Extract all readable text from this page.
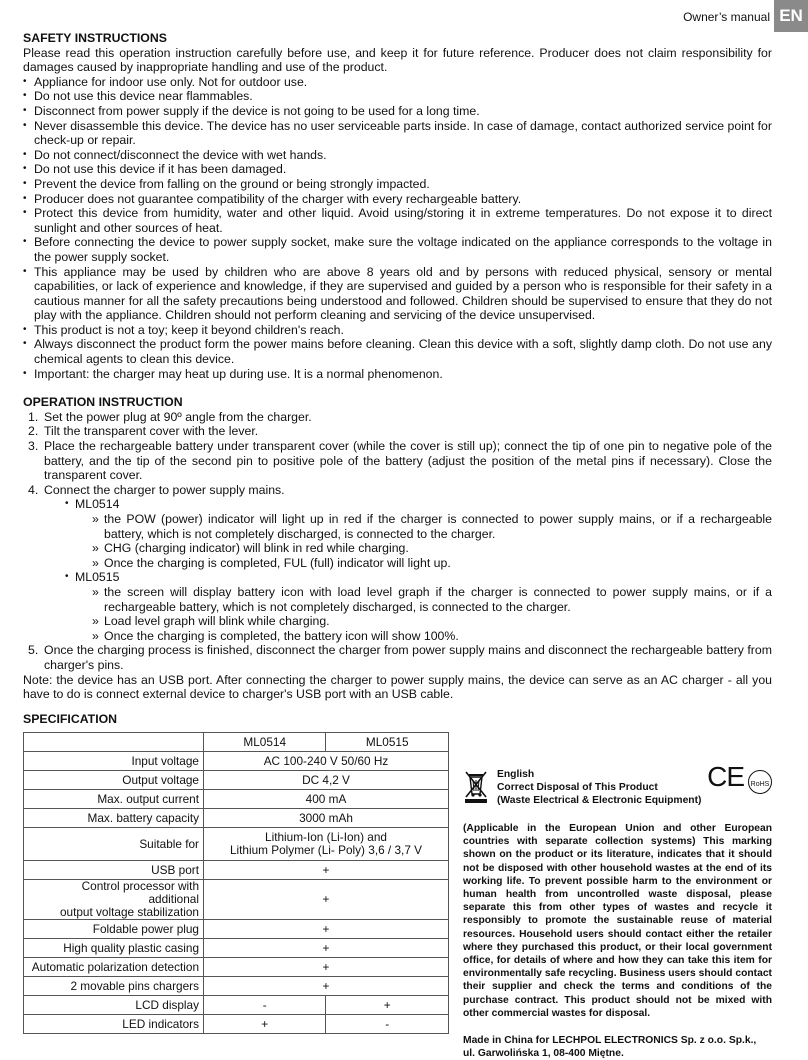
Owner’s manual EN
SAFETY INSTRUCTIONS

Please read this operation instruction carefully before use, and keep it for future reference. Producer does not claim responsibility for damages caused by inappropriate handling and use of the product.

• Appliance for indoor use only. Not for outdoor use.
• Do not use this device near flammables.
• Disconnect from power supply if the device is not going to be used for a long time.
• Never disassemble this device. The device has no user serviceable parts inside. In case of damage, contact authorized service point for check-up or repair.
• Do not connect/disconnect the device with wet hands.
• Do not use this device if it has been damaged.
• Prevent the device from falling on the ground or being strongly impacted.
• Producer does not guarantee compatibility of the charger with every rechargeable battery.
• Protect this device from humidity, water and other liquid. Avoid using/storing it in extreme temperatures. Do not expose it to direct sunlight and other sources of heat.
• Before connecting the device to power supply socket, make sure the voltage indicated on the appliance corresponds to the voltage in the power supply socket.
• This appliance may be used by children who are above 8 years old and by persons with reduced physical, sensory or mental capabilities, or lack of experience and knowledge, if they are supervised and guided by a person who is responsible for their safety in a cautious manner for all the safety precautions being understood and followed. Children should be supervised to ensure that they do not play with the appliance. Children should not perform cleaning and servicing of the device unsupervised.
• This product is not a toy; keep it beyond children's reach.
• Always disconnect the product form the power mains before cleaning. Clean this device with a soft, slightly damp cloth. Do not use any chemical agents to clean this device.
• Important: the charger may heat up during use. It is a normal phenomenon.
OPERATION INSTRUCTION
1. Set the power plug at 90º angle from the charger.
2. Tilt the transparent cover with the lever.
3. Place the rechargeable battery under transparent cover (while the cover is still up); connect the tip of one pin to negative pole of the battery, and the tip of the second pin to positive pole of the battery (adjust the position of the metal pins if necessary). Close the transparent cover.
4. Connect the charger to power supply mains.
• ML0514
» the POW (power) indicator will light up in red if the charger is connected to power supply mains, or if a rechargeable battery, which is not completely discharged, is connected to the charger.
» CHG (charging indicator) will blink in red while charging.
» Once the charging is completed, FUL (full) indicator will light up.
• ML0515
» the screen will display battery icon with load level graph if the charger is connected to power supply mains, or if a rechargeable battery, which is not completely discharged, is connected to the charger.
» Load level graph will blink while charging.
» Once the charging is completed, the battery icon will show 100%.
5. Once the charging process is finished, disconnect the charger from power supply mains and disconnect the rechargeable battery from charger's pins.

Note: the device has an USB port. After connecting the charger to power supply mains, the device can serve as an AC charger - all you have to do is connect external device to charger's USB port with an USB cable.

SPECIFICATION
	ML0514	ML0515
Input voltage	AC 100-240 V 50/60 Hz	
Output voltage	DC 4,2 V	
Max. output current	400 mA	
Max. battery capacity	3000 mAh	
Suitable for	Lithium-Ion (Li-Ion) and
Lithium Polymer (Li- Poly) 3,6 / 3,7 V	

USB port	+	

Control processor with additional
output voltage stabilization	+	
Foldable power plug	+	
High quality plastic casing	+	
Automatic polarization detection	+	
2 movable pins chargers	+	
LCD display	-	+
LED indicators	+	-
English
Correct Disposal of This Product
(Waste Electrical & Electronic Equipment)
CE RoHS
(Applicable in the European Union and other European countries with separate collection systems) This marking shown on the product or its literature, indicates that it should not be disposed with other household wastes at the end of its working life. To prevent possible harm to the environment or human health from uncontrolled waste disposal, please separate this from other types of wastes and recycle it responsibly to promote the sustainable reuse of material resources. Household users should contact either the retailer where they purchased this product, or their local government office, for details of where and how they can take this item for environmentally safe recycling. Business users should contact their supplier and check the terms and conditions of the purchase contract. This product should not be mixed with other commercial wastes for disposal.
Made in China for LECHPOL ELECTRONICS Sp. z o.o. Sp.k.,
ul. Garwolińska 1, 08-400 Miętne.
